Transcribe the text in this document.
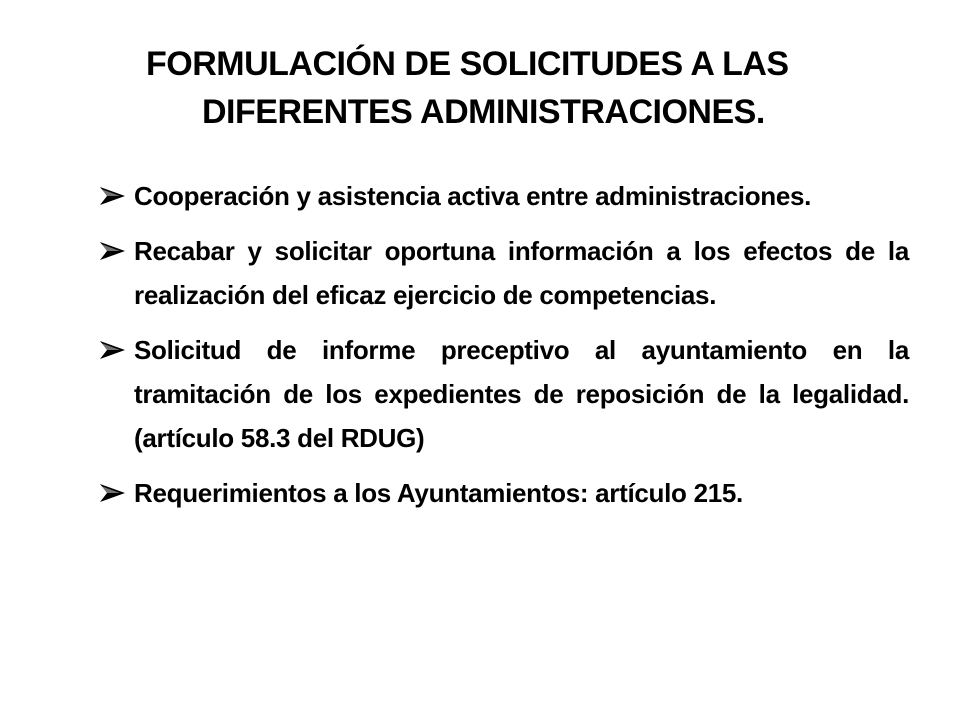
FORMULACIÓN DE SOLICITUDES A LAS
DIFERENTES ADMINISTRACIONES.
Cooperación y asistencia activa entre administraciones.
Recabar y solicitar oportuna información a los efectos de la realización del eficaz ejercicio de competencias.
Solicitud de informe preceptivo al ayuntamiento en la tramitación de los expedientes de reposición de la legalidad. (artículo 58.3 del RDUG)
Requerimientos a los Ayuntamientos: artículo 215.
